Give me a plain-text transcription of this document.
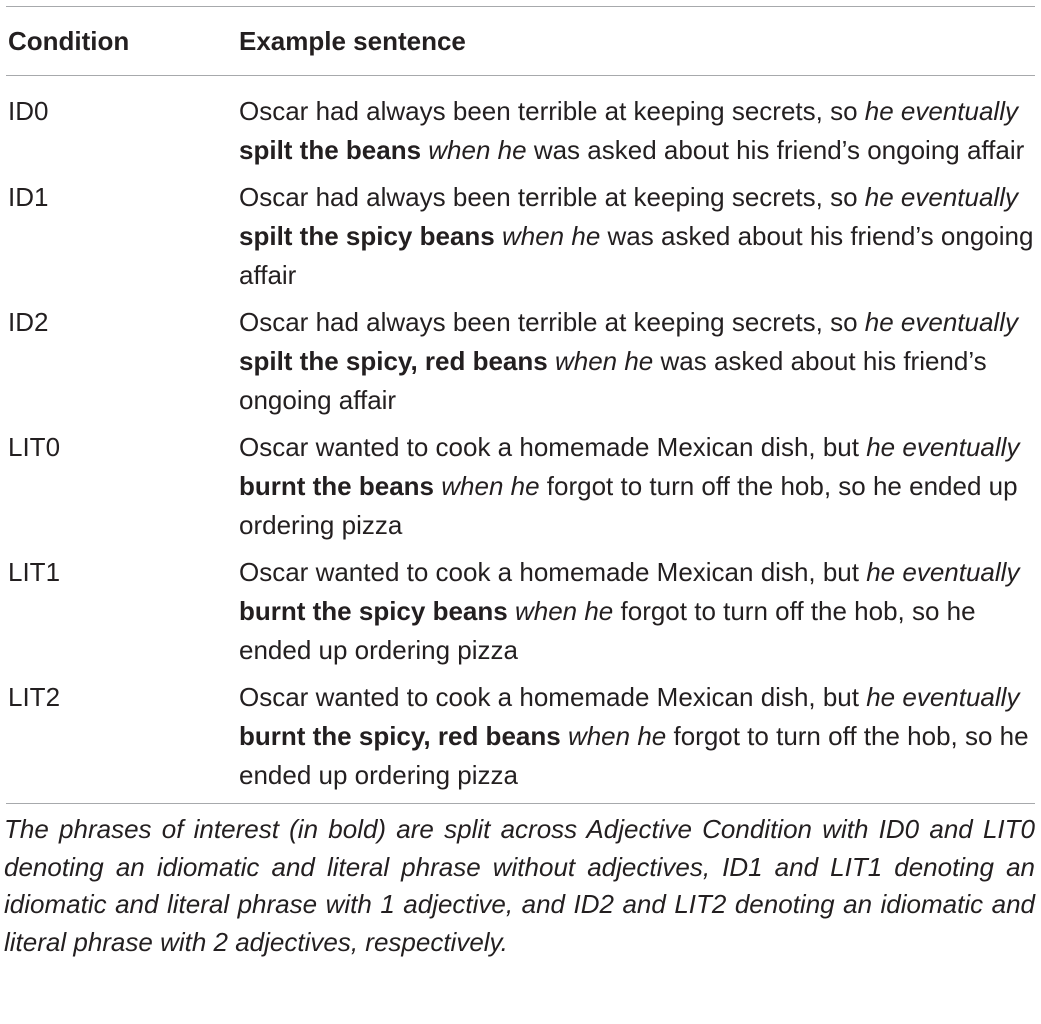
Condition	Example sentence
ID0	Oscar had always been terrible at keeping secrets, so he eventually spilt the beans when he was asked about his friend’s ongoing affair
ID1	Oscar had always been terrible at keeping secrets, so he eventually spilt the spicy beans when he was asked about his friend’s ongoing affair
ID2	Oscar had always been terrible at keeping secrets, so he eventually spilt the spicy, red beans when he was asked about his friend’s ongoing affair
LIT0	Oscar wanted to cook a homemade Mexican dish, but he eventually burnt the beans when he forgot to turn off the hob, so he ended up ordering pizza
LIT1	Oscar wanted to cook a homemade Mexican dish, but he eventually burnt the spicy beans when he forgot to turn off the hob, so he ended up ordering pizza
LIT2	Oscar wanted to cook a homemade Mexican dish, but he eventually burnt the spicy, red beans when he forgot to turn off the hob, so he ended up ordering pizza
The phrases of interest (in bold) are split across Adjective Condition with ID0 and LIT0 denoting an idiomatic and literal phrase without adjectives, ID1 and LIT1 denoting an idiomatic and literal phrase with 1 adjective, and ID2 and LIT2 denoting an idiomatic and literal phrase with 2 adjectives, respectively.
